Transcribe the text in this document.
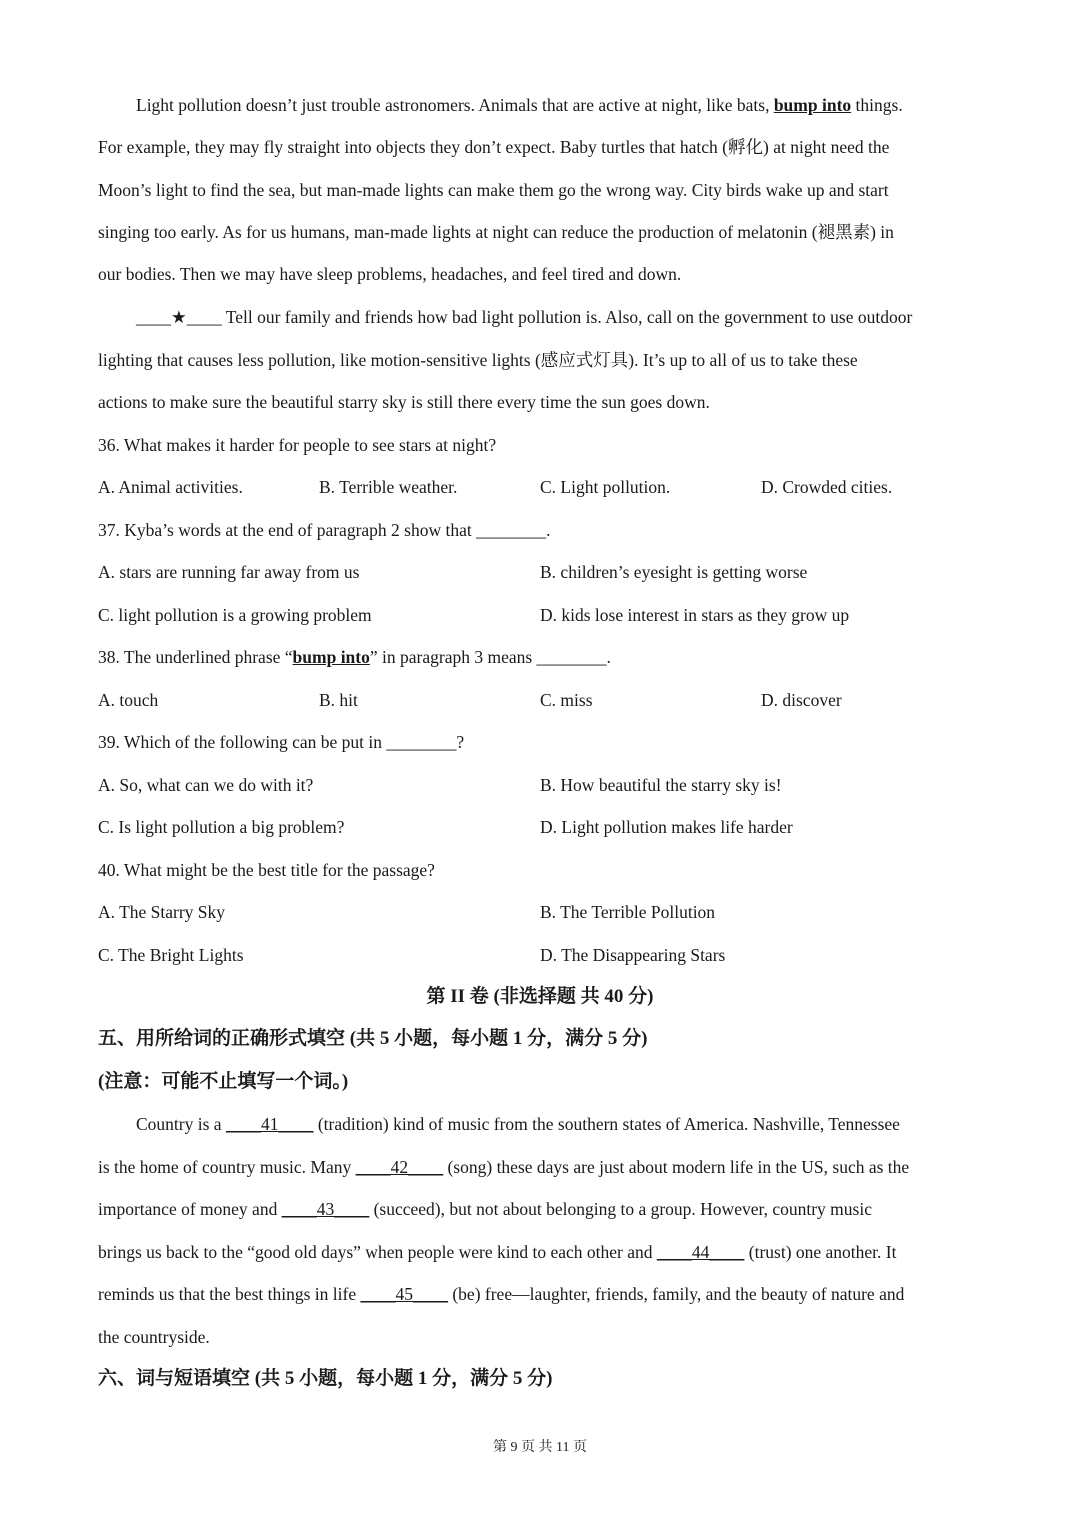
Light pollution doesn’t just trouble astronomers. Animals that are active at night, like bats, bump into things.
For example, they may fly straight into objects they don’t expect. Baby turtles that hatch (孵化) at night need the
Moon’s light to find the sea, but man-made lights can make them go the wrong way. City birds wake up and start
singing too early. As for us humans, man-made lights at night can reduce the production of melatonin (褪黑素) in
our bodies. Then we may have sleep problems, headaches, and feel tired and down.
____★____ Tell our family and friends how bad light pollution is. Also, call on the government to use outdoor
lighting that causes less pollution, like motion-sensitive lights (感应式灯具). It’s up to all of us to take these
actions to make sure the beautiful starry sky is still there every time the sun goes down.
36. What makes it harder for people to see stars at night?
A. Animal activities.	B. Terrible weather.	C. Light pollution.	D. Crowded cities.
37. Kyba’s words at the end of paragraph 2 show that ________.
A. stars are running far away from us	B. children’s eyesight is getting worse
C. light pollution is a growing problem	D. kids lose interest in stars as they grow up
38. The underlined phrase “bump into” in paragraph 3 means ________.
A. touch	B. hit	C. miss	D. discover
39. Which of the following can be put in ________?
A. So, what can we do with it?	B. How beautiful the starry sky is!
C. Is light pollution a big problem?	D. Light pollution makes life harder
40. What might be the best title for the passage?
A. The Starry Sky	B. The Terrible Pollution
C. The Bright Lights	D. The Disappearing Stars
第 II 卷 (非选择题 共 40 分)
五、用所给词的正确形式填空 (共 5 小题，每小题 1 分，满分 5 分)
(注意：可能不止填写一个词。)
Country is a ____41____ (tradition) kind of music from the southern states of America. Nashville, Tennessee
is the home of country music. Many ____42____ (song) these days are just about modern life in the US, such as the
importance of money and ____43____ (succeed), but not about belonging to a group. However, country music
brings us back to the “good old days” when people were kind to each other and ____44____ (trust) one another. It
reminds us that the best things in life ____45____ (be) free—laughter, friends, family, and the beauty of nature and
the countryside.
六、词与短语填空 (共 5 小题，每小题 1 分，满分 5 分)
第 9 页 共 11 页
